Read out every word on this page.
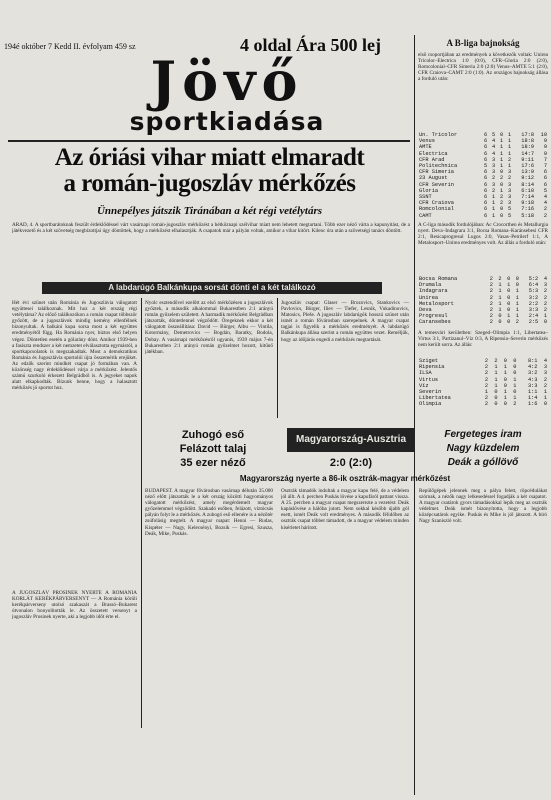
194é október 7 Kedd II. évfolyam 459 sz	4 oldal Ára 500 lej
Jövő
sportkiadása
Az óriási vihar miatt elmaradt
a román-jugoszláv mérkőzés
Ünnepélyes játszik Tiránában a két régi vetélytárs
ARAD, 4. A sportbarátoknak feszült érdeklődéssel várt vasárnapi román-jugoszláv mérkőzést a hétköznapi szélvihar miatt nem lehetett megtartani. Több ezer néző várta a kapunyitást, de a játékvezető és a két szövetség megbízottjai úgy döntöttek, hogy a mérkőzést elhalasztják. A csapatok már a pályán voltak, amikor a vihar kitört. Kilenc óra után a szövetségi tanács döntött.
A labdarúgó Balkánkupa sorsát dönti el a két találkozó
Hét évi szünet után Románia és Jugoszlávia válogatott együttesei találkoznak. Mit hoz a két ország régi vetélytársa? Az előző találkozókon a román csapat többször győzött, de a jugoszlávok mindig kemény ellenfélnek bizonyultak. A balkáni kupa sorsa most a két együttes eredményétől függ. Ha Románia nyer, biztos első helyen végez. Döntetlen esetén a gólarány dönt. Amikor 1939-ben a fasiszta rendszer a két nemzetet elválasztotta egymástól, a sportkapcsolatok is megszakadtak. Most a demokratikus Románia és Jugoszlávia sportolói újra összemérik erejüket. Az edzők szerint mindkét csapat jó formában van. A közönség nagy érdeklődéssel várja a mérkőzést. Jelentős számú szurkoló érkezett Belgrádból is. A jegyeket napok alatt elkapkodták. Bízunk benne, hogy a halasztott mérkőzés jó sportot hoz.
Nyolc esztendővel ezelőtt az első mérkőzésen a jugoszlávok győztek, a második alkalommal Bukarestben 2:1 arányú román győzelem született. A harmadik mérkőzést Belgrádban játszották, döntetlennel végződött. Öregeknek ekkor a két válogatott összeállítása: David — Bürger, Albu — Vintila, Kotormány, Demetrovics — Bogdán, Baratky, Bodola, Dobay. A vasárnapi mérkőzésről ugyanis, 1939 május 7-én Bukarestben 2:1 arányú román győzelmet hozott, kitűnő játékban.
Jugoszláv csapat: Glaser — Brozovics, Stankovics — Pavlovics, Bürger, Iliev — Tiefer, Lesnik, Vukadinovics, Matosics, Pleše. A jugoszláv labdarúgók hosszú szünet után ismét a román fővárosban szerepelnek. A magyar csapat tagjai is figyelik a mérkőzés eredményét. A labdarúgó Balkánkupa állása szerint a román együttes vezet. Reméljük, hogy az időjárás engedi a mérkőzés megtartását.
Zuhogó eső
Felázott talaj
35 ezer néző
Magyarország-Ausztria
2:0 (2:0)
Fergeteges iram
Nagy küzdelem
Deák a góllövő
Magyarország nyerte a 86-ik osztrák-magyar mérkőzést
A JUGOSZLÁV PROSINEK NYERTE A ROMÁNIA KORLÁT KERÉKPÁRVERSENYT — A Románia körüli kerékpárverseny utolsó szakaszát a Brassó–Bukarest útvonalon bonyolították le. Az összetett versenyt a jugoszláv Prosinek nyerte, aki a legjobb időt érte el.
BUDAPEST. A magyar fővárosban vasárnap délután 35.000 néző előtt játszották le a két ország közötti hagyományos válogatott mérkőzést, amely megérdemelt magyar győzelemmel végződött. Szakadó esőben, felázott, víztócsás pályán folyt le a mérkőzés. A zuhogó eső ellenére is a nézőtér zsúfolásig megtelt. A magyar csapat: Henni — Rudas, Kispéter — Nagy, Kelecsényi, Bozsik — Egresi, Szusza, Deák, Mike, Puskás.
Osztrák támadók indultak a magyar kapu felé, de a védelem jól állt. A 4. percben Puskás lövése a kapufáról pattant vissza. A 25. percben a magyar csapat megszerezte a vezetést: Deák kapáslövése a hálóba jutott. Nem sokkal később újabb gól esett, ismét Deák volt eredményes. A második félidőben az osztrák csapat többet támadott, de a magyar védelem minden kísérletet hárított.
Repülőgépek jelennek meg a pálya felett, röpcédulákat szórnak, a nézők nagy lelkesedéssel fogadják a két csapatot. A magyar csatárok gyors támadásokkal lepik meg az osztrák védelmet. Deák ismét bizonyította, hogy a legjobb középcsatárok egyike. Puskás és Mike is jól játszott. A bíró Nagy Szaniszló volt.
A B-liga bajnokság
első csoportjában az eredmények a következők voltak: Unirea Tricolor–Electrica 1:0 (0:0), CFR–Gloria 2:0 (2:0), Romcolonial–CFR Simeria 2:0 (2:0) Venus–AMTE 5:1 (2:0), CFR Craiova–CAMT 2:0 (1:0). Az országos bajnokság állása a forduló után:
Un. Tricolor	6	5	0	1	17:8	10
Venus	6	4	1	1	18:8	9
AMTE	6	4	1	1	18:9	9
Electrica	6	4	1	1	14:7	9
CFR Arad	6	3	1	2	9:11	7
Politechnica	5	3	1	1	17:6	7
CFR Simeria	6	3	0	3	13:9	6
23 August	6	2	2	2	9:12	6
CFR Severin	6	3	0	3	8:14	6
Gloria	6	2	1	3	6:10	5
SSNT	6	1	2	3	7:14	4
CFR Craiova	6	1	2	3	9:18	4
Romcolonial	6	1	0	5	7:16	2
CAMT	6	1	0	5	5:18	2
A C-liga második fordulójában: Ac Crocorthen és Metallurgia nyert. Deva–Indagrara 3:1, Bocsa Romana–Karánsebesi CFR 2:1, Resicaprogresul Lugos 2:0, Vasas–Petrilerf 1:1, A Metalosport–Unirea eredményes volt. Az állás a forduló után:
Bocsa Romana	2	2	0	0	5:2	4
Drumala	2	1	1	0	6:4	3
Indagrara	2	1	0	1	5:3	2
Unirea	2	1	0	1	3:2	2
Metalosport	2	1	0	1	2:2	2
Deva	2	1	0	1	3:3	2
Progresul	2	0	1	1	2:4	1
Caransebes	2	0	0	2	2:5	0
A temesvári kerületben: Szeged–Olimpia 1:1, Libertatea–Virtus 3:1, Partizanul–Víz 0:3, A Ripensia–Severin mérkőzés nem került sorra. Az állás:
Sziget	2	2	0	0	8:1	4
Ripensia	2	1	1	0	4:2	3
ILSA	2	1	1	0	3:2	3
Virtus	2	1	0	1	4:3	2
Víz	2	1	0	1	3:3	2
Severin	1	0	1	0	1:1	1
Libertatea	2	0	1	1	1:4	1
Olimpia	2	0	0	2	1:6	0
